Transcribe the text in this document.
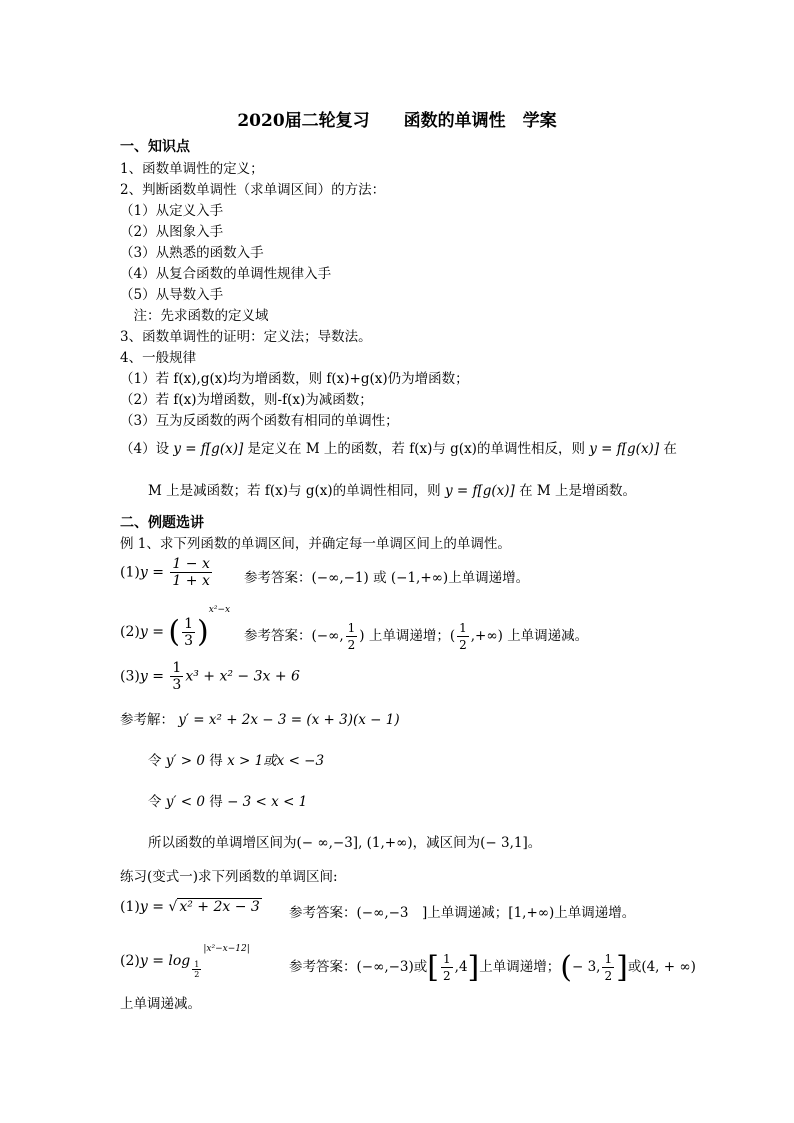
2020届二轮复习　　函数的单调性　学案
一、知识点
1、函数单调性的定义；
2、判断函数单调性（求单调区间）的方法：
（1）从定义入手
（2）从图象入手
（3）从熟悉的函数入手
（4）从复合函数的单调性规律入手
（5）从导数入手
　注：先求函数的定义域
3、函数单调性的证明：定义法；导数法。
4、一般规律
（1）若 f(x),g(x)均为增函数，则 f(x)+g(x)仍为增函数；
（2）若 f(x)为增函数，则-f(x)为减函数；
（3）互为反函数的两个函数有相同的单调性；
（4）设 y = f[g(x)] 是定义在 M 上的函数，若 f(x)与 g(x)的单调性相反，则 y = f[g(x)] 在
M 上是减函数；若 f(x)与 g(x)的单调性相同，则 y = f[g(x)] 在 M 上是增函数。
二、例题选讲
例 1、求下列函数的单调区间，并确定每一单调区间上的单调性。
$(1)y = \frac{1 - x}{1 + x}$ 参考答案：(−∞,−1) 或 (−1,+∞)上单调递增。
(2)y = ( $\frac{1}{3} )^{x^2-x}$
参考答案：(−∞, $\frac{1}{2}$ ) 上单调递增；( $\frac{1}{2}$ ,+∞) 上单调递减。
$(3)y = \frac{1}{3} x^3 + x^2 - 3x + 6$
参考解： y′ = x² + 2x − 3 = (x + 3)(x − 1)
令 y′ > 0 得 x > 1或x < −3
令 y′ < 0 得 − 3 < x < 1
所以函数的单调增区间为(− ∞,−3], (1,+∞)，减区间为(− 3,1]。
练习(变式一)求下列函数的单调区间:
(1)y = √ x² + 2x − 3 参考答案：(−∞,−3　]上单调递减；[1,+∞)上单调递增。
$(2)y = \log \frac{1}{2}$
$^{|x^2-x-12|}$
参考答案：(−∞,−3)或[ $\frac{1}{2} ,4$]上单调递增；(− 3, $\frac{1}{2}$ ]或(4, + ∞)
上单调递减。
